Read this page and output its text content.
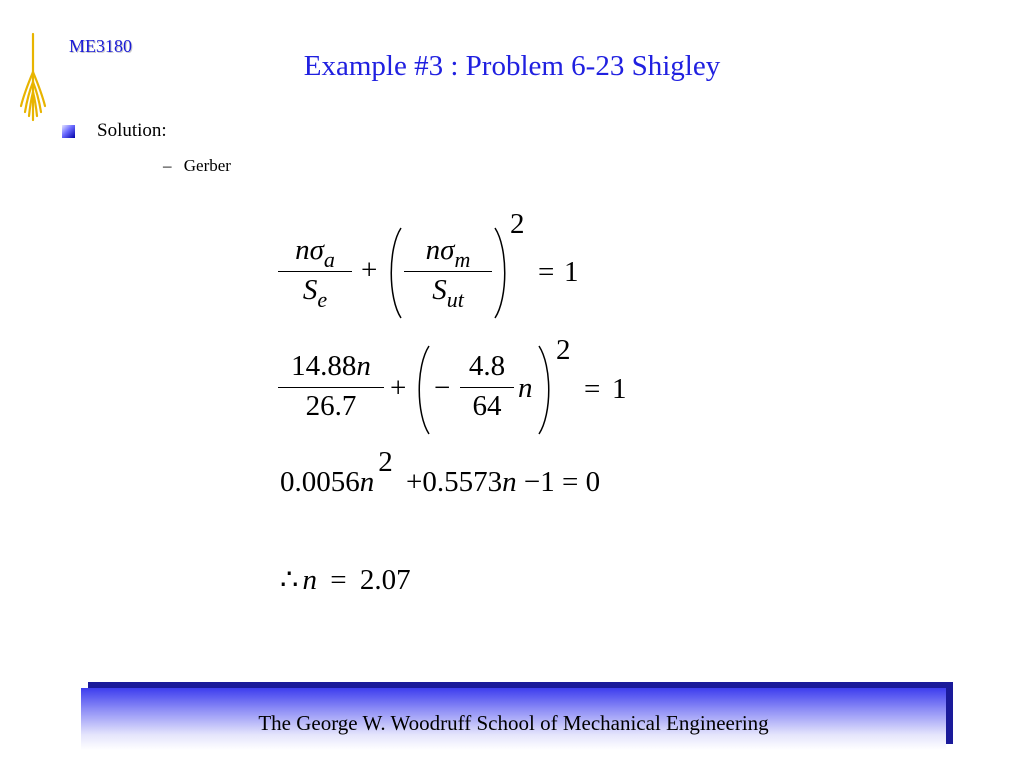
ME3180
Example #3 : Problem 6-23 Shigley
Solution:
– Gerber
$n\sigma_a$
$S_e$
+
$n\sigma_m$
$S_{ut}$
2
= 1
14.88n
26.7
+ −
4.8
64
n
2
= 1
0.0056n2 +0.5573n −1 = 0
∴ n = 2.07
The George W. Woodruff School of Mechanical Engineering
